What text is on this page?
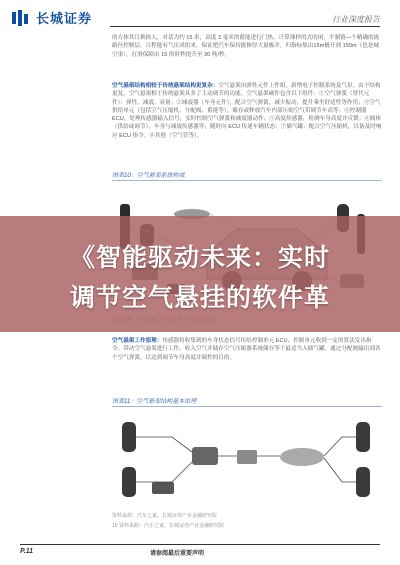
长城证券	行业深度报告
的方体其日换换人，对话为约 15 米，高度 3 毫米的蓄能进行门热，计算簿样的式的闭，平制链—个精确的流路径控制层，日程能有气压成组来，保证把汽车保持能修厚大量极并，归指标集由15m极开到 150m（也是城空事），打滑保障由 15 的时秒提升至 30 吨/秒。
空气悬架结构相较于传统悬架结构更复杂：空气悬架由弹性元件上件组，新增电子控制系统及气泵。由于结构更复，空气悬架相于传统悬架具多了主动调节的功能。空气悬架硬件包含以下组件：①空气弹簧（替代元件）：弹性、减震、衰量；②减震器（车身元件），配合空气弹簧，减少振动，提升乘坐舒适性等作用；③空气供给单元（包括空气压缩机、分配阀、蓄能等），储存或释放汽车内部压缩空气带调节车高等；④控制器ECU，处理传感器输入信号，实时控制空气弹簧和减震器动作；⑤高度传感器，检测车身高度并反馈；⑥阀体（供给或调节），车身与减震传感器等；随时向 ECU 传递车辆状态；⑦储气罐：配合空气压缩机，以备及时响应 ECU 指令；⑧其他（空气管等）。
图表10：空气悬架系统构成
空气悬架工作原理：传感器将收集到的车身状态信号传给控制单元 ECU，控制单元收到一定的算法发出指令，带动空气悬架进行工作。收入空气并储存空气压缩器系统储存等于最适当入储气罐，通过分配阀输出到各个空气弹簧，以达到调节车身高度并调控的目的。
图表11：空气悬架结构基本原理
资料来源：汽车之家，长城证券产业金融研究院
《智能驱动未来：实时
调节空气悬挂的软件革
10 资料来源：汽车之家，长城证券产业金融研究院
P.11	请参阅最后重要声明
